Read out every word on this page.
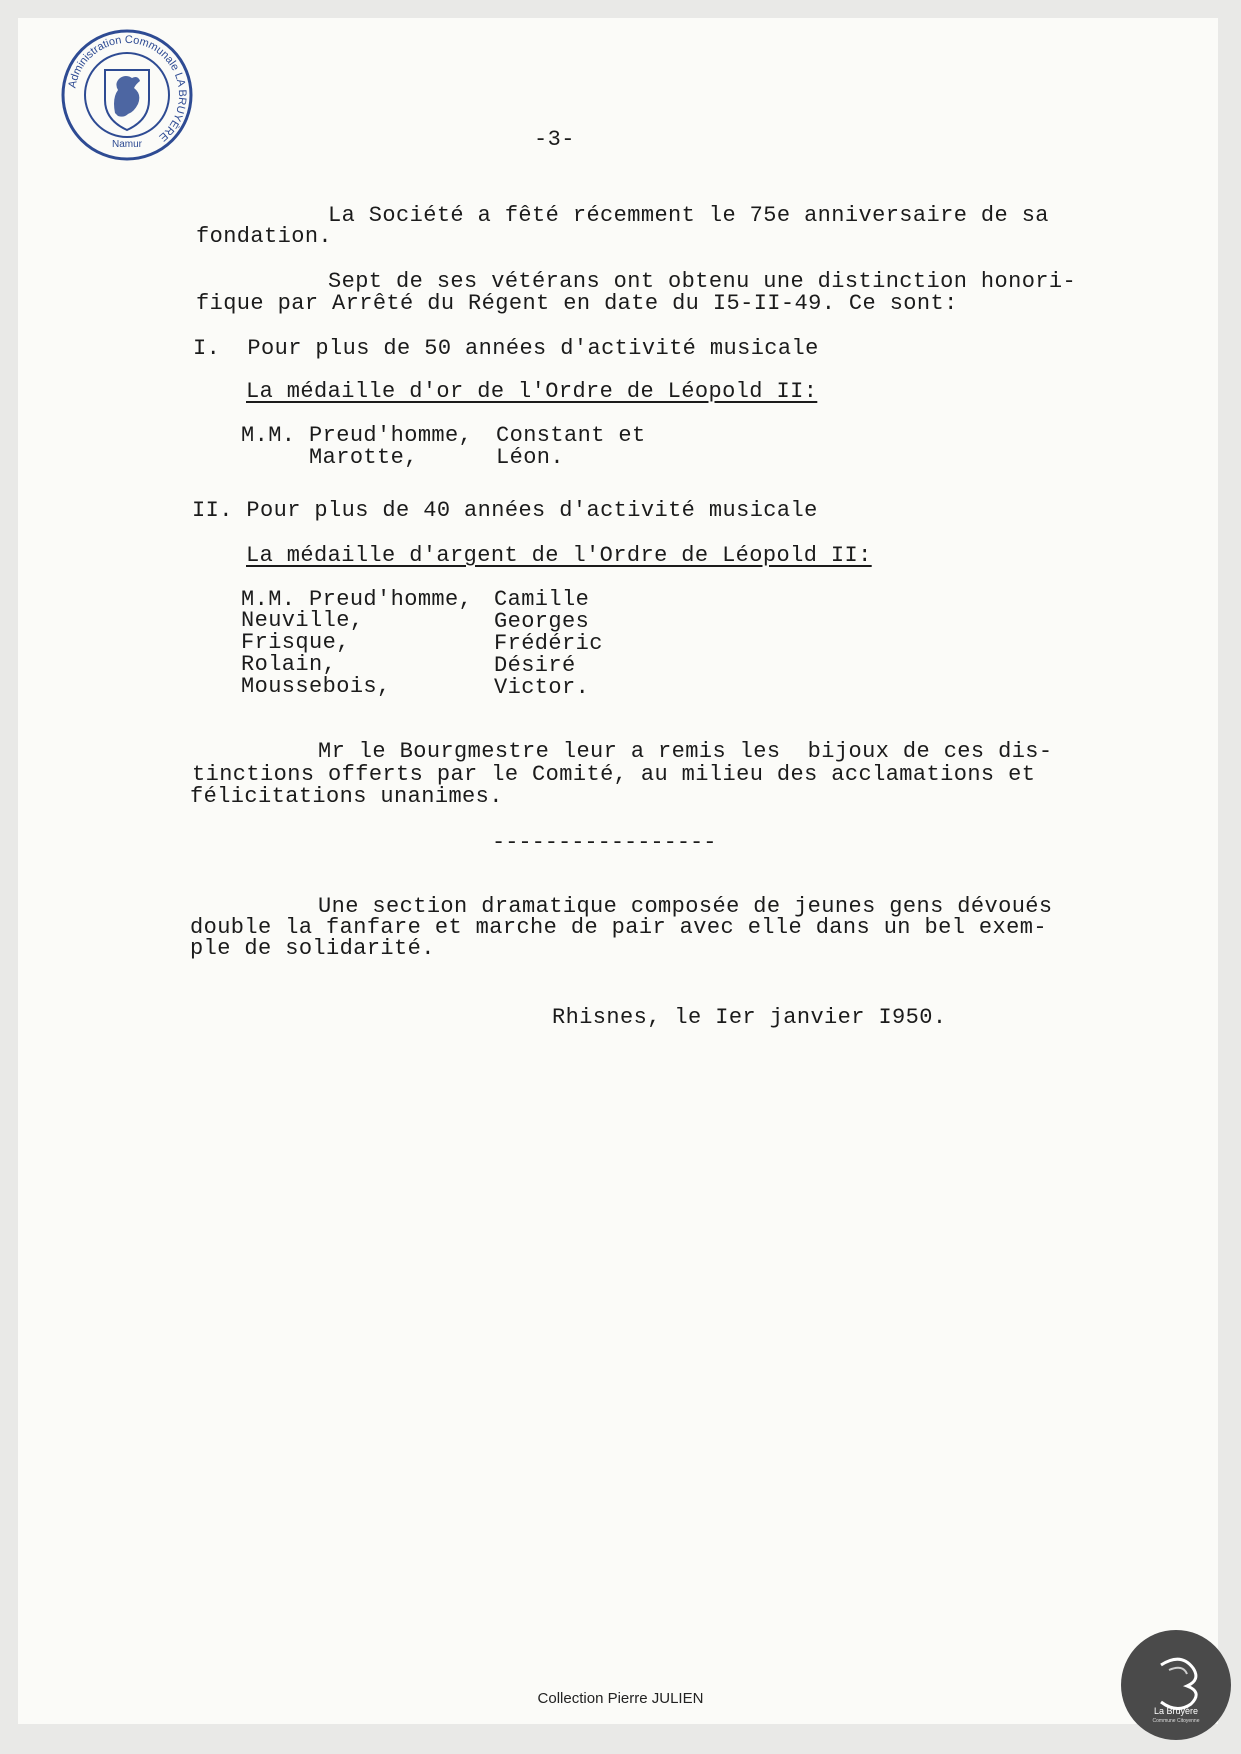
Administration Communale LA BRUYÈRE
Namur	-3-
La Société a fêté récemment le 75e anniversaire de sa
fondation.
Sept de ses vétérans ont obtenu une distinction honori-
fique par Arrêté du Régent en date du I5-II-49. Ce sont:
I.  Pour plus de 50 années d'activité musicale
La médaille d'or de l'Ordre de Léopold II:
M.M. Preud'homme, Constant et
Marotte,	Léon.
II. Pour plus de 40 années d'activité musicale
La médaille d'argent de l'Ordre de Léopold II:
M.M. Preud'homme, Camille
Neuville,	Georges
Frisque,	Frédéric
Rolain,	Désiré
Moussebois,	Victor.
Mr le Bourgmestre leur a remis les  bijoux de ces dis-
tinctions offerts par le Comité, au milieu des acclamations et
félicitations unanimes.
-----------------
Une section dramatique composée de jeunes gens dévoués
double la fanfare et marche de pair avec elle dans un bel exem-
ple de solidarité.
Rhisnes, le Ier janvier I950.
Collection Pierre JULIEN
La Bruyère
Commune Citoyenne
